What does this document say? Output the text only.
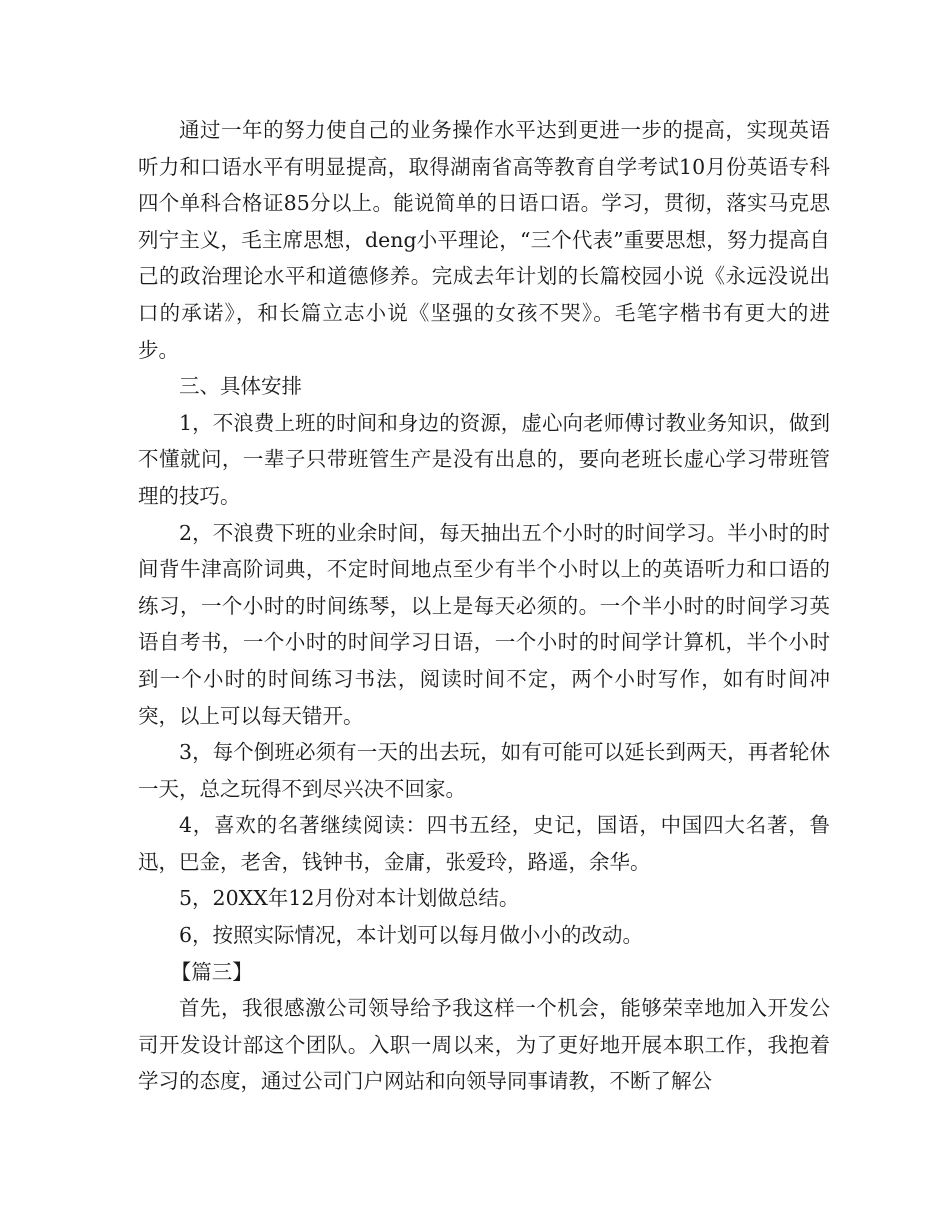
通过一年的努力使自己的业务操作水平达到更进一步的提高，实现英语听力和口语水平有明显提高，取得湖南省高等教育自学考试10月份英语专科四个单科合格证85分以上。能说简单的日语口语。学习，贯彻，落实马克思列宁主义，毛主席思想，deng小平理论，“三个代表”重要思想，努力提高自己的政治理论水平和道德修养。完成去年计划的长篇校园小说《永远没说出口的承诺》，和长篇立志小说《坚强的女孩不哭》。毛笔字楷书有更大的进步。

三、具体安排

1，不浪费上班的时间和身边的资源，虚心向老师傅讨教业务知识，做到不懂就问，一辈子只带班管生产是没有出息的，要向老班长虚心学习带班管理的技巧。

2，不浪费下班的业余时间，每天抽出五个小时的时间学习。半小时的时间背牛津高阶词典，不定时间地点至少有半个小时以上的英语听力和口语的练习，一个小时的时间练琴，以上是每天必须的。一个半小时的时间学习英语自考书，一个小时的时间学习日语，一个小时的时间学计算机，半个小时到一个小时的时间练习书法，阅读时间不定，两个小时写作，如有时间冲突，以上可以每天错开。

3，每个倒班必须有一天的出去玩，如有可能可以延长到两天，再者轮休一天，总之玩得不到尽兴决不回家。

4，喜欢的名著继续阅读：四书五经，史记，国语，中国四大名著，鲁迅，巴金，老舍，钱钟书，金庸，张爱玲，路遥，余华。

5，20XX年12月份对本计划做总结。

6，按照实际情况，本计划可以每月做小小的改动。

【篇三】

首先，我很感激公司领导给予我这样一个机会，能够荣幸地加入开发公司开发设计部这个团队。入职一周以来，为了更好地开展本职工作，我抱着学习的态度，通过公司门户网站和向领导同事请教，不断了解公
